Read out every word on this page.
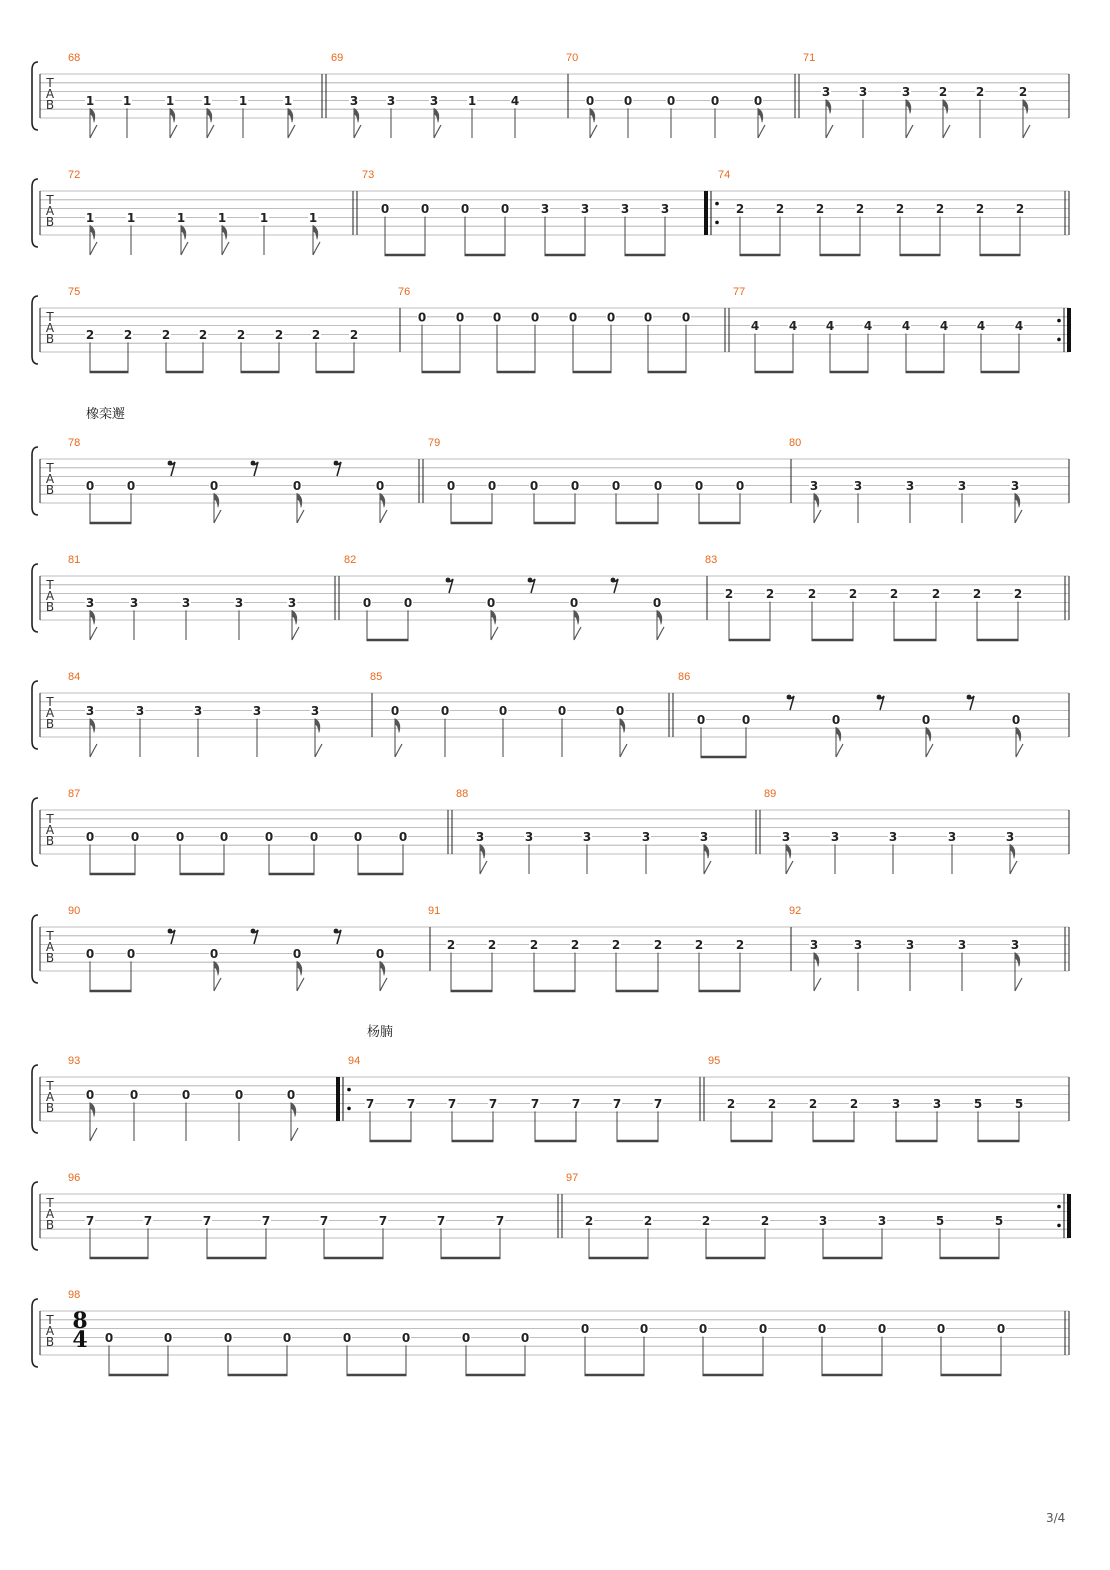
T
A
B
68
1 1	1 1 1	1
69
3 3	3 1	4
70
0 0	0	0	0
71
3 3	3 2 2	2
T
A
B
72
1	1	1	1	1	1
73
0	0	0	0	3	3	3	3
74
2	2	2	2	2	2	2	2
T
A
B
75
2 2 2 2 2 2 2 2
76
0 0 0 0 0 0 0 0
77
4 4 4 4 4 4 4 4
橡栾邂
T
A
B
78
0	0	0	0	0
79
0	0	0	0	0	0	0	0
80
3	3	3	3	3
T
A
B
81
3	3	3	3	3
82
0	0	0	0	0
83
2	2	2	2	2	2	2	2
T
A
B
84
3	3	3	3	3
85
0	0	0	0	0
86
0	0	0	0	0
T
A
B
87
0	0	0	0	0	0	0	0
88
3	3	3	3	3
89
3	3	3	3	3
T
A
B
90
0	0	0	0	0
91
2	2	2	2	2	2	2	2
92
3	3	3	3	3
杨腩
T
A
B
93
0	0	0	0	0
94
7	7	7	7	7	7	7	7
95
2	2	2	2	3	3	5	5
T
A
B
96
7	7	7	7	7	7	7	7
97
2	2	2	2	3	3	5	5
T
A
B
8
4
98
0	0	0	0	0	0	0	0
0	0	0	0	0	0	0	0
3/4
